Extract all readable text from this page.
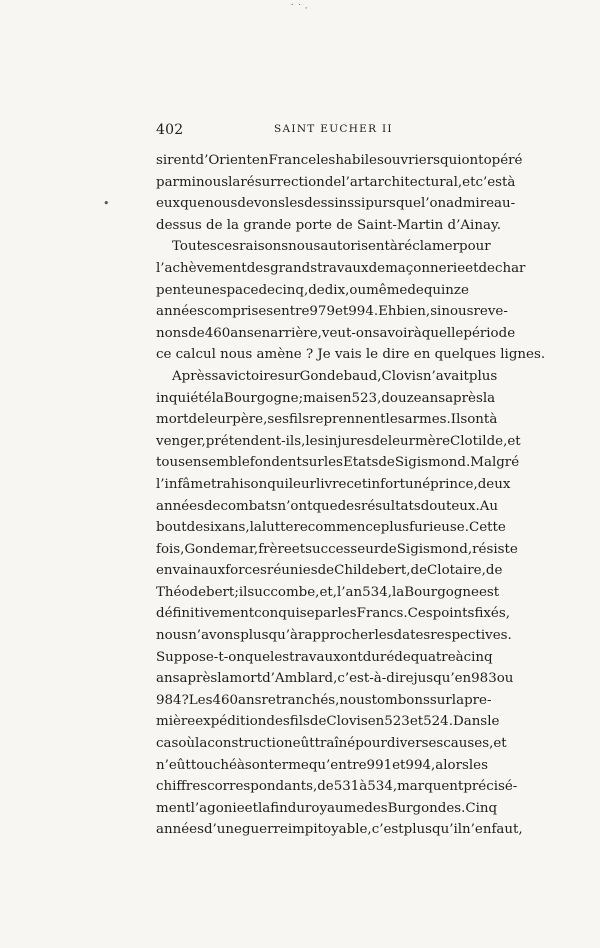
˙ ˙ ·
•
402	SAINT EUCHER II
sirent d’Orient en France les habiles ouvriers qui ont opéré
parmi nous la résurrection de l’art architectural, et c’est à
eux que nous devons les dessins si purs que l’on admire au-
dessus de la grande porte de Saint-Martin d’Ainay.
Toutes ces raisons nous autorisent à réclamer pour
l’achèvement des grands travaux de maçonnerie et de char
pente un espace de cinq, de dix, ou même de quinze
années comprises entre 979 et 994. Eh bien, si nous reve-
nons de 460 ans en arrière, veut-on savoir à quelle période
ce calcul nous amène ? Je vais le dire en quelques lignes.
Après sa victoire sur Gondebaud, Clovis n’avait plus
inquiété la Bourgogne; mais en 523, douze ans après la
mort de leur père, ses fils reprennent les armes. Ils ont à
venger, prétendent-ils, les injures de leur mère Clotilde, et
tous ensemble fondent sur les Etats de Sigismond. Malgré
l’infâme trahison qui leur livre cet infortuné prince, deux
années de combats n’ont que des résultats douteux. Au
bout de six ans, la lutte recommence plus furieuse. Cette
fois, Gondemar, frère et successeur de Sigismond, résiste
en vain aux forces réunies de Childebert, de Clotaire, de
Théodebert ; il succombe, et, l’an 534, la Bourgogne est
définitivement conquise par les Francs. Ces points fixés,
nous n’avons plus qu’à rapprocher les dates respectives.
Suppose-t-on que les travaux ont duré de quatre à cinq
ans après la mort d’Amblard, c’est-à-dire jusqu’en 983 ou
984 ? Les 460 ans retranchés, nous tombons sur la pre-
mière expédition des fils de Clovis en 523 et 524. Dans le
cas où la construction eût traîné pour diverses causes, et
n’eût touché à son terme qu’entre 991 et 994, alors les
chiffres correspondants, de 531 à 534, marquent précisé-
ment l’agonie et la fin du royaume des Burgondes. Cinq
années d’une guerre impitoyable, c’est plus qu’il n’en faut,
